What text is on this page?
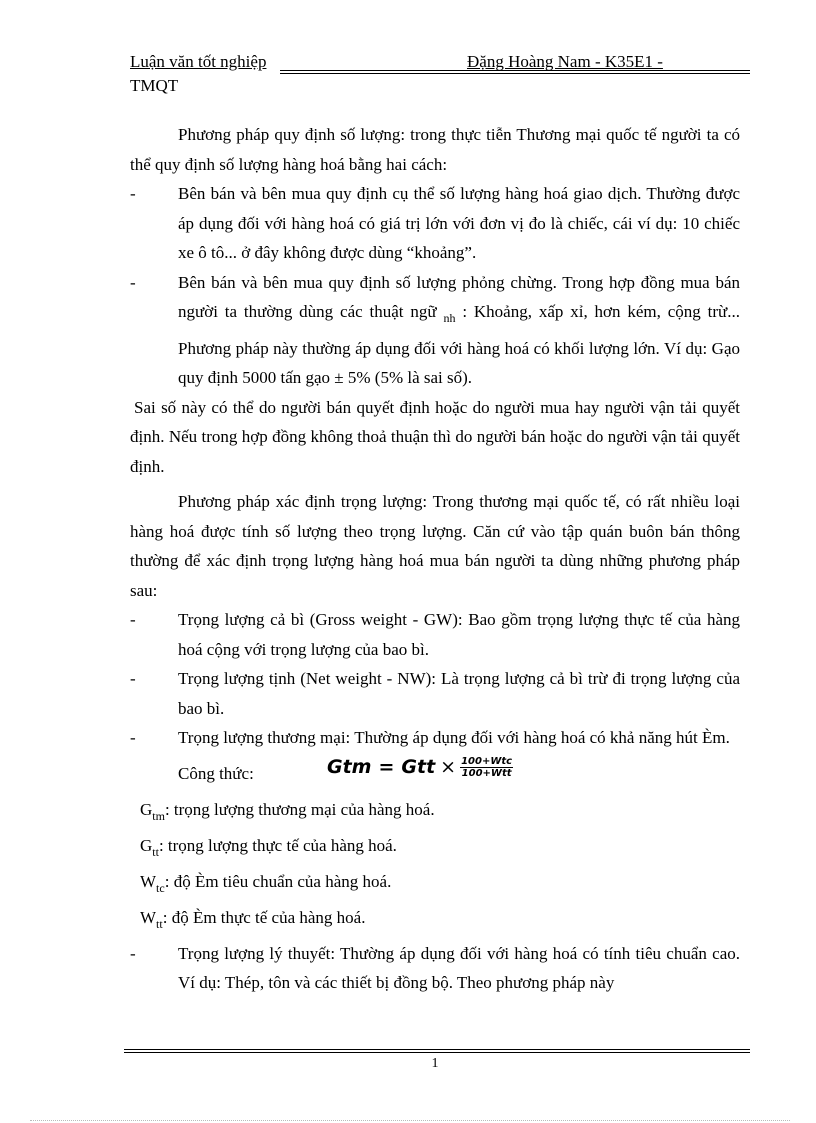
Luận văn tốt nghiệp	Đặng Hoàng Nam - K35E1 -
TMQT

Phương pháp quy định số lượng: trong thực tiễn Thương mại quốc tế người ta có thể quy định số lượng hàng hoá bằng hai cách:

-	Bên bán và bên mua quy định cụ thể số lượng hàng hoá giao dịch. Thường được áp dụng đối với hàng hoá có giá trị lớn với đơn vị đo là chiếc, cái ví dụ: 10 chiếc xe ô tô... ở đây không được dùng “khoảng”.
-	Bên bán và bên mua quy định số lượng phỏng chừng. Trong hợp đồng mua bán người ta thường dùng các thuật ngữ $_{nh}$ : Khoảng, xấp xỉ, hơn kém, cộng trừ... Phương pháp này thường áp dụng đối với hàng hoá có khối lượng lớn. Ví dụ: Gạo quy định 5000 tấn gạo ± 5% (5% là sai số).

Sai số này có thể do người bán quyết định hoặc do người mua hay người vận tải quyết định. Nếu trong hợp đồng không thoả thuận thì do người bán hoặc do người vận tải quyết định.

Phương pháp xác định trọng lượng: Trong thương mại quốc tế, có rất nhiều loại hàng hoá được tính số lượng theo trọng lượng. Căn cứ vào tập quán buôn bán thông thường để xác định trọng lượng hàng hoá mua bán người ta dùng những phương pháp sau:

-	Trọng lượng cả bì (Gross weight - GW): Bao gồm trọng lượng thực tế của hàng hoá cộng với trọng lượng của bao bì.
-	Trọng lượng tịnh (Net weight - NW): Là trọng lượng cả bì trừ đi trọng lượng của bao bì.
-	Trọng lượng thương mại: Thường áp dụng đối với hàng hoá có khả năng hút Èm.
Công thức:	Gtm = Gtt × $\frac{\text{100+Wtc}}{\text{100+Wtt}}$
$G_{tm}$: trọng lượng thương mại của hàng hoá.
$G_{tt}$: trọng lượng thực tế của hàng hoá.
$W_{tc}$: độ Èm tiêu chuẩn của hàng hoá.
$W_{tt}$: độ Èm thực tế của hàng hoá.
-	Trọng lượng lý thuyết: Thường áp dụng đối với hàng hoá có tính tiêu chuẩn cao. Ví dụ: Thép, tôn và các thiết bị đồng bộ. Theo phương pháp này
1
